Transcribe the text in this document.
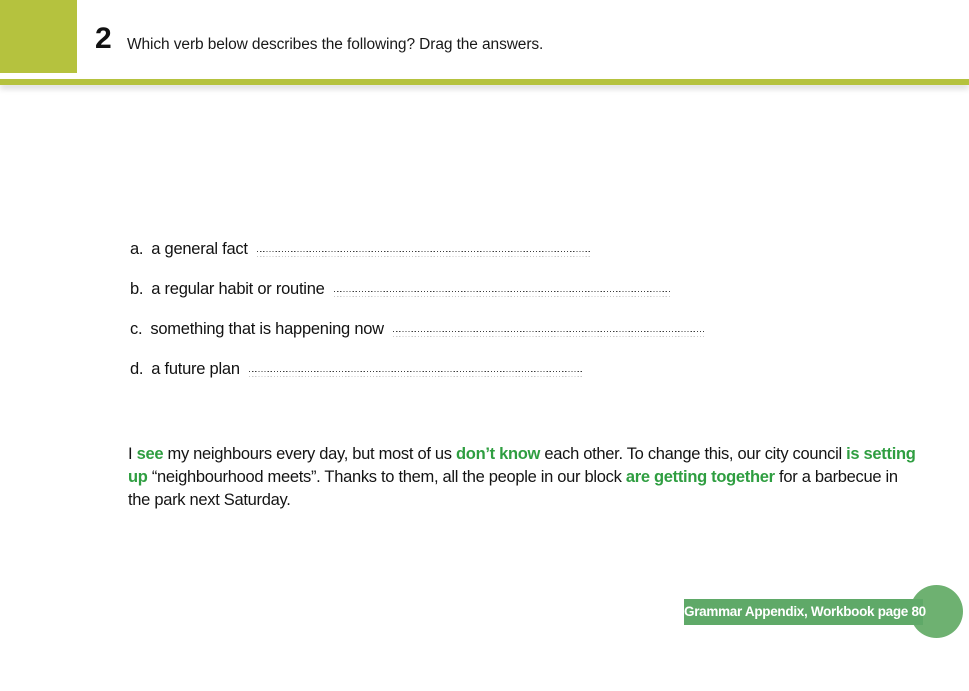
2 Which verb below describes the following? Drag the answers.
a. a general fact
b. a regular habit or routine
c. something that is happening now
d. a future plan

I see my neighbours every day, but most of us don’t know each other. To change this, our city council is setting up “neighbourhood meets”. Thanks to them, all the people in our block are getting together for a barbecue in the park next Saturday.

Grammar Appendix, Workbook page 80
